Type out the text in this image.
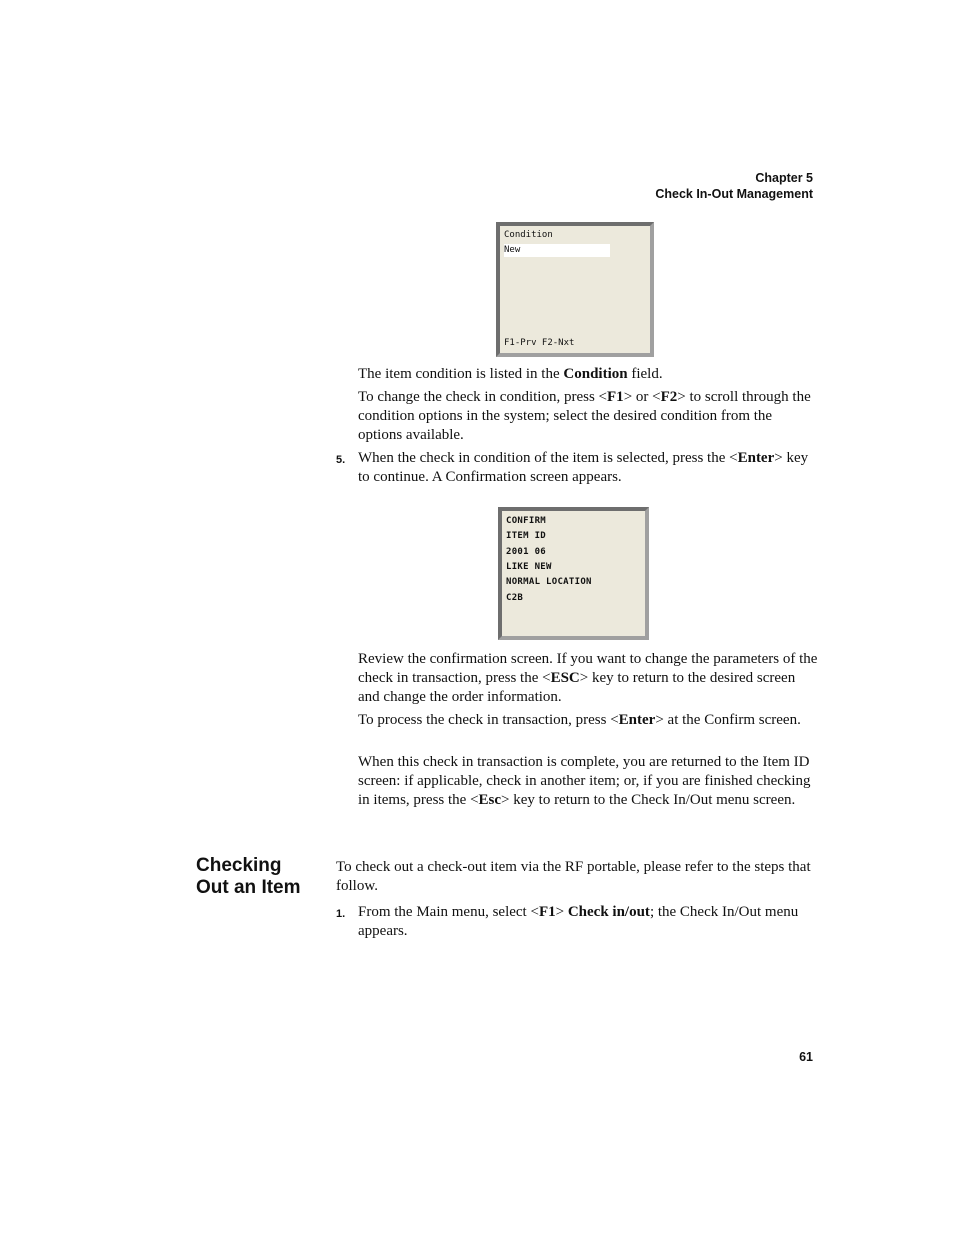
Chapter 5
Check In-Out Management
Condition
New
F1-Prv F2-Nxt

The item condition is listed in the Condition field.

To change the check in condition, press <F1> or <F2> to scroll through the condition options in the system; select the desired condition from the options available.

5. When the check in condition of the item is selected, press the <Enter> key to continue. A Confirmation screen appears.

CONFIRM
ITEM ID
2001 06
LIKE NEW
NORMAL LOCATION
C2B

Review the confirmation screen. If you want to change the parameters of the check in transaction, press the <ESC> key to return to the desired screen and change the order information.

To process the check in transaction, press <Enter> at the Confirm screen.

When this check in transaction is complete, you are returned to the Item ID screen: if applicable, check in another item; or, if you are finished checking in items, press the <Esc> key to return to the Check In/Out menu screen.

Checking
Out an Item

To check out a check-out item via the RF portable, please refer to the steps that follow.

1. From the Main menu, select <F1> Check in/out; the Check In/Out menu appears.

61
